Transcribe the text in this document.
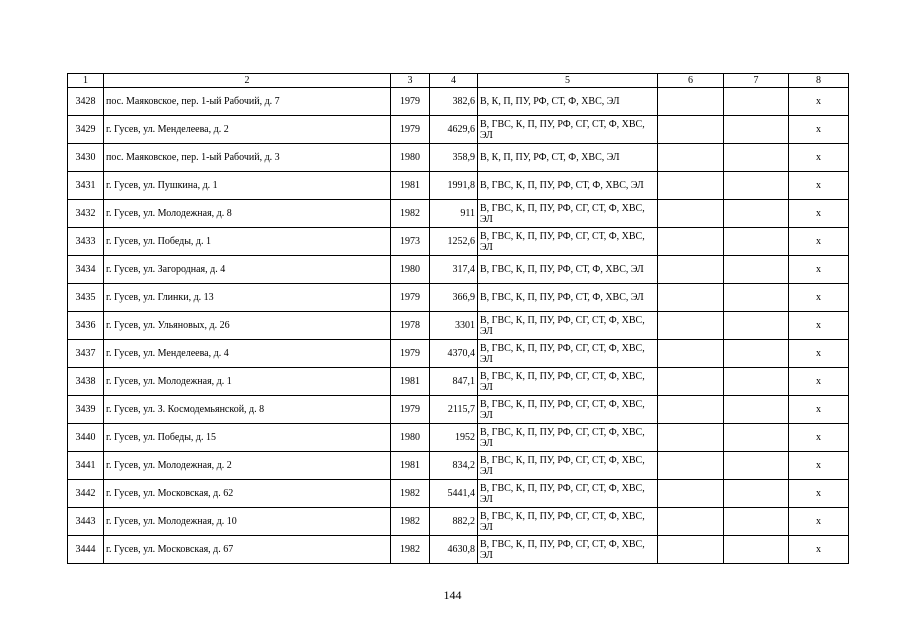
1	2	3	4	5	6	7	8
3428	пос. Маяковское, пер. 1-ый Рабочий, д. 7	1979	382,6	В, К, П, ПУ, РФ, СТ, Ф, ХВС, ЭЛ			x
3429	г. Гусев, ул. Менделеева, д. 2	1979	4629,6	В, ГВС, К, П, ПУ, РФ, СГ, СТ, Ф, ХВС, ЭЛ			x
3430	пос. Маяковское, пер. 1-ый Рабочий, д. 3	1980	358,9	В, К, П, ПУ, РФ, СТ, Ф, ХВС, ЭЛ			x
3431	г. Гусев, ул. Пушкина, д. 1	1981	1991,8	В, ГВС, К, П, ПУ, РФ, СТ, Ф, ХВС, ЭЛ			x
3432	г. Гусев, ул. Молодежная, д. 8	1982	911	В, ГВС, К, П, ПУ, РФ, СГ, СТ, Ф, ХВС, ЭЛ			x
3433	г. Гусев, ул. Победы, д. 1	1973	1252,6	В, ГВС, К, П, ПУ, РФ, СГ, СТ, Ф, ХВС, ЭЛ			x
3434	г. Гусев, ул. Загородная, д. 4	1980	317,4	В, ГВС, К, П, ПУ, РФ, СТ, Ф, ХВС, ЭЛ			x
3435	г. Гусев, ул. Глинки, д. 13	1979	366,9	В, ГВС, К, П, ПУ, РФ, СТ, Ф, ХВС, ЭЛ			x
3436	г. Гусев, ул. Ульяновых, д. 26	1978	3301	В, ГВС, К, П, ПУ, РФ, СГ, СТ, Ф, ХВС, ЭЛ			x
3437	г. Гусев, ул. Менделеева, д. 4	1979	4370,4	В, ГВС, К, П, ПУ, РФ, СГ, СТ, Ф, ХВС, ЭЛ			x
3438	г. Гусев, ул. Молодежная, д. 1	1981	847,1	В, ГВС, К, П, ПУ, РФ, СГ, СТ, Ф, ХВС, ЭЛ			x
3439	г. Гусев, ул. З. Космодемьянской, д. 8	1979	2115,7	В, ГВС, К, П, ПУ, РФ, СГ, СТ, Ф, ХВС, ЭЛ			x
3440	г. Гусев, ул. Победы, д. 15	1980	1952	В, ГВС, К, П, ПУ, РФ, СГ, СТ, Ф, ХВС, ЭЛ			x
3441	г. Гусев, ул. Молодежная, д. 2	1981	834,2	В, ГВС, К, П, ПУ, РФ, СГ, СТ, Ф, ХВС, ЭЛ			x
3442	г. Гусев, ул. Московская, д. 62	1982	5441,4	В, ГВС, К, П, ПУ, РФ, СГ, СТ, Ф, ХВС, ЭЛ			x
3443	г. Гусев, ул. Молодежная, д. 10	1982	882,2	В, ГВС, К, П, ПУ, РФ, СГ, СТ, Ф, ХВС, ЭЛ			x
3444	г. Гусев, ул. Московская, д. 67	1982	4630,8	В, ГВС, К, П, ПУ, РФ, СГ, СТ, Ф, ХВС, ЭЛ			x
144
